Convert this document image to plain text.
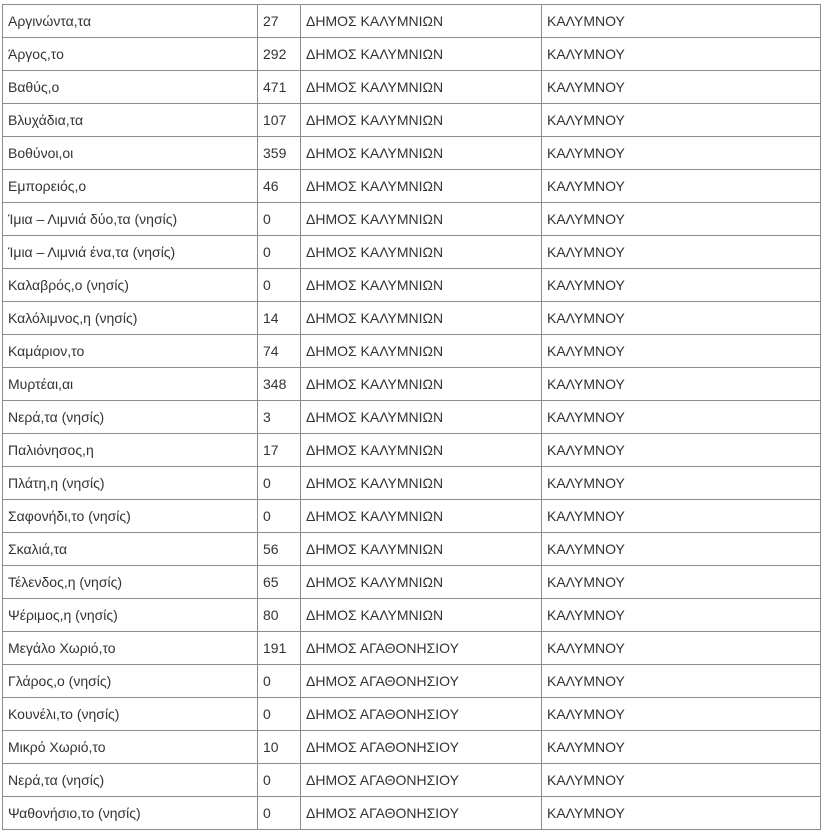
Αργινώντα,τα	27	ΔΗΜΟΣ ΚΑΛΥΜΝΙΩΝ	ΚΑΛΥΜΝΟΥ
Άργος,το	292	ΔΗΜΟΣ ΚΑΛΥΜΝΙΩΝ	ΚΑΛΥΜΝΟΥ
Βαθύς,ο	471	ΔΗΜΟΣ ΚΑΛΥΜΝΙΩΝ	ΚΑΛΥΜΝΟΥ
Βλυχάδια,τα	107	ΔΗΜΟΣ ΚΑΛΥΜΝΙΩΝ	ΚΑΛΥΜΝΟΥ
Βοθύνοι,οι	359	ΔΗΜΟΣ ΚΑΛΥΜΝΙΩΝ	ΚΑΛΥΜΝΟΥ
Εμπορειός,ο	46	ΔΗΜΟΣ ΚΑΛΥΜΝΙΩΝ	ΚΑΛΥΜΝΟΥ
Ίμια – Λιμνιά δύο,τα (νησίς)	0	ΔΗΜΟΣ ΚΑΛΥΜΝΙΩΝ	ΚΑΛΥΜΝΟΥ
Ίμια – Λιμνιά ένα,τα (νησίς)	0	ΔΗΜΟΣ ΚΑΛΥΜΝΙΩΝ	ΚΑΛΥΜΝΟΥ
Καλαβρός,ο (νησίς)	0	ΔΗΜΟΣ ΚΑΛΥΜΝΙΩΝ	ΚΑΛΥΜΝΟΥ
Καλόλιμνος,η (νησίς)	14	ΔΗΜΟΣ ΚΑΛΥΜΝΙΩΝ	ΚΑΛΥΜΝΟΥ
Καμάριον,το	74	ΔΗΜΟΣ ΚΑΛΥΜΝΙΩΝ	ΚΑΛΥΜΝΟΥ
Μυρτέαι,αι	348	ΔΗΜΟΣ ΚΑΛΥΜΝΙΩΝ	ΚΑΛΥΜΝΟΥ
Νερά,τα (νησίς)	3	ΔΗΜΟΣ ΚΑΛΥΜΝΙΩΝ	ΚΑΛΥΜΝΟΥ
Παλιόνησος,η	17	ΔΗΜΟΣ ΚΑΛΥΜΝΙΩΝ	ΚΑΛΥΜΝΟΥ
Πλάτη,η (νησίς)	0	ΔΗΜΟΣ ΚΑΛΥΜΝΙΩΝ	ΚΑΛΥΜΝΟΥ
Σαφονήδι,το (νησίς)	0	ΔΗΜΟΣ ΚΑΛΥΜΝΙΩΝ	ΚΑΛΥΜΝΟΥ
Σκαλιά,τα	56	ΔΗΜΟΣ ΚΑΛΥΜΝΙΩΝ	ΚΑΛΥΜΝΟΥ
Τέλενδος,η (νησίς)	65	ΔΗΜΟΣ ΚΑΛΥΜΝΙΩΝ	ΚΑΛΥΜΝΟΥ
Ψέριμος,η (νησίς)	80	ΔΗΜΟΣ ΚΑΛΥΜΝΙΩΝ	ΚΑΛΥΜΝΟΥ
Μεγάλο Χωριό,το	191	ΔΗΜΟΣ ΑΓΑΘΟΝΗΣΙΟΥ	ΚΑΛΥΜΝΟΥ
Γλάρος,ο (νησίς)	0	ΔΗΜΟΣ ΑΓΑΘΟΝΗΣΙΟΥ	ΚΑΛΥΜΝΟΥ
Κουνέλι,το (νησίς)	0	ΔΗΜΟΣ ΑΓΑΘΟΝΗΣΙΟΥ	ΚΑΛΥΜΝΟΥ
Μικρό Χωριό,το	10	ΔΗΜΟΣ ΑΓΑΘΟΝΗΣΙΟΥ	ΚΑΛΥΜΝΟΥ
Νερά,τα (νησίς)	0	ΔΗΜΟΣ ΑΓΑΘΟΝΗΣΙΟΥ	ΚΑΛΥΜΝΟΥ
Ψαθονήσιο,το (νησίς)	0	ΔΗΜΟΣ ΑΓΑΘΟΝΗΣΙΟΥ	ΚΑΛΥΜΝΟΥ
